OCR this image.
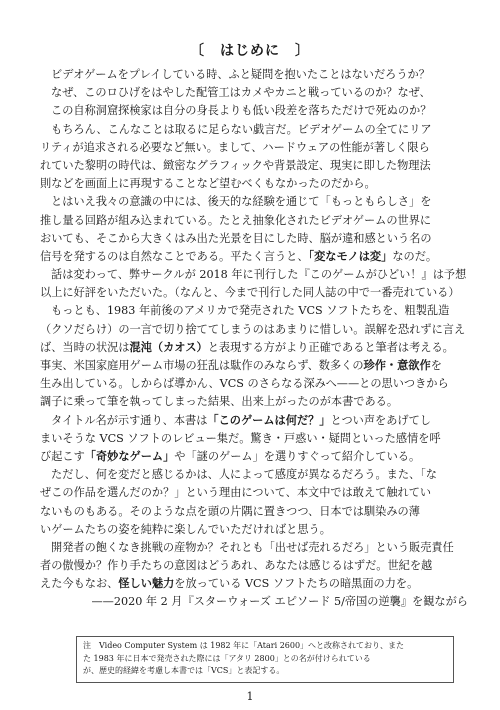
〔　はじめに　〕
ビデオゲームをプレイしている時、ふと疑問を抱いたことはないだろうか？
なぜ、このロひげをはやした配管工はカメやカニと戦っているのか？なぜ、
この自称洞窟探検家は自分の身長よりも低い段差を落ちただけで死ぬのか？
もちろん、こんなことは取るに足らない戯言だ。ビデオゲームの全てにリア
リティが追求される必要など無い。まして、ハードウェアの性能が著しく限ら
れていた黎明の時代は、緻密なグラフィックや背景設定、現実に即した物理法
則などを画面上に再現することなど望むべくもなかったのだから。
とはいえ我々の意識の中には、後天的な経験を通じて「もっともらしさ」を
推し量る回路が組み込まれている。たとえ抽象化されたビデオゲームの世界に
おいても、そこから大きくはみ出た光景を目にした時、脳が違和感という名の
信号を発するのは自然なことである。平たく言うと、「変なモノは変」なのだ。
話は変わって、弊サークルが 2018 年に刊行した『このゲームがひどい！』は予想
以上に好評をいただいた。（なんと、今まで刊行した同人誌の中で一番売れている）
もっとも、1983 年前後のアメリカで発売された VCS ソフトたちを、粗製乱造
（クソだらけ）の一言で切り捨ててしまうのはあまりに惜しい。誤解を恐れずに言え
ば、当時の状況は混沌（カオス）と表現する方がより正確であると筆者は考える。
事実、米国家庭用ゲーム市場の狂乱は駄作のみならず、数多くの珍作・意欲作を
生み出している。しからば導かん、VCS のさらなる深みへ——との思いつきから
調子に乗って筆を執ってしまった結果、出来上がったのが本書である。
タイトル名が示す通り、本書は「このゲームは何だ？」とつい声をあげてし
まいそうな VCS ソフトのレビュー集だ。驚き・戸惑い・疑問といった感情を呼
び起こす「奇妙なゲーム」や「謎のゲーム」を選りすぐって紹介している。
ただし、何を変だと感じるかは、人によって感度が異なるだろう。また、「な
ぜこの作品を選んだのか？」という理由について、本文中では敢えて触れてい
ないものもある。そのような点を頭の片隅に置きつつ、日本では馴染みの薄
いゲームたちの姿を純粋に楽しんでいただければと思う。
開発者の飽くなき挑戦の産物か？それとも「出せば売れるだろ」という販売責任
者の傲慢か？作り手たちの意図はどうあれ、あなたは感じるはずだ。世紀を越
えた今もなお、怪しい魅力を放っている VCS ソフトたちの暗黒面の力を。
——2020 年 2 月『スターウォーズ エピソード 5/帝国の逆襲』を観ながら
注　Video Computer System は 1982 年に「Atari 2600」へと改称されており、また
た 1983 年に日本で発売された際には「アタリ 2800」との名が付けられている
が、歴史的経緯を考慮し本書では「VCS」と表記する。
1
